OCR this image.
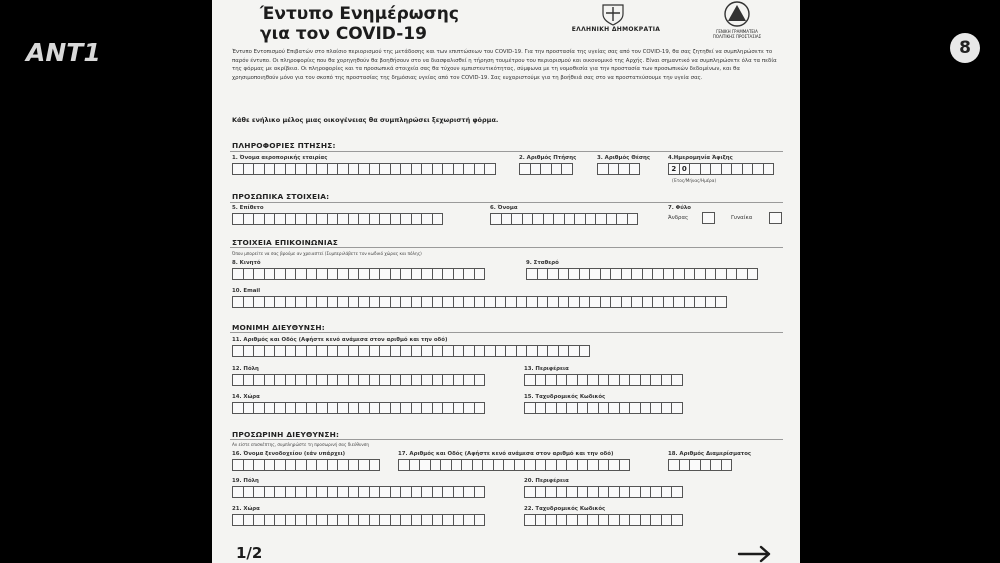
ANT1	8
Έντυπο Ενημέρωσης
για τον COVID-19	ΕΛΛΗΝΙΚΗ ΔΗΜΟΚΡΑΤΙΑ	ΓΕΝΙΚΗ ΓΡΑΜΜΑΤΕΙΑ ΠΟΛΙΤΙΚΗΣ ΠΡΟΣΤΑΣΙΑΣ
Έντυπο Εντοπισμού Επιβατών στο πλαίσιο περιορισμού της μετάδοσης και των επιπτώσεων του COVID-19. Για την προστασία της υγείας σας από τον COVID-19, θα σας ζητηθεί να συμπληρώσετε το παρόν έντυπο. Οι πληροφορίες που θα χορηγηθούν θα βοηθήσουν στο να διασφαλισθεί η τήρηση τουμέτρου του περιορισμού και οικονομικό της Αρχής. Είναι σημαντικό να συμπληρώσετε όλα τα πεδία της φόρμας με ακρίβεια. Οι πληροφορίες και τα προσωπικά στοιχεία σας θα τύχουν εμπιστευτικότητας, σύμφωνα με τη νομοθεσία για την προστασία των προσωπικών δεδομένων, και θα χρησιμοποιηθούν μόνο για τον σκοπό της προστασίας της δημόσιας υγείας από τον COVID-19. Σας ευχαριστούμε για τη βοήθειά σας στο να προστατεύσουμε την υγεία σας.
Κάθε ενήλικο μέλος μιας οικογένειας θα συμπληρώσει ξεχωριστή φόρμα.
ΠΛΗΡΟΦΟΡΙΕΣ ΠΤΗΣΗΣ:
1. Όνομα αεροπορικής εταιρίας	2. Αριθμός Πτήσης	3. Αριθμός Θέσης	4.Ημερομηνία Άφιξης
2 0
(Έτος/Μήνας/Ημέρα)
ΠΡΟΣΩΠΙΚΑ ΣΤΟΙΧΕΙΑ:
5. Επίθετο	6. Όνομα	7. Φύλο
Άνδρας	Γυναίκα
ΣΤΟΙΧΕΙΑ ΕΠΙΚΟΙΝΩΝΙΑΣ
Όπου μπορείτε να σας βρούμε αν χρειαστεί (Συμπεριλάβετε τον κωδικό χώρας και πόλης)
8. Κινητό	9. Σταθερό
10. Email
ΜΟΝΙΜΗ ΔΙΕΥΘΥΝΣΗ:
11. Αριθμός και Οδός (Αφήστε κενό ανάμεσα στον αριθμό και την οδό)
12. Πόλη	13. Περιφέρεια
14. Χώρα	15. Ταχυδρομικός Κωδικός
ΠΡΟΣΩΡΙΝΗ ΔΙΕΥΘΥΝΣΗ:
Αν είστε επισκέπτης, συμπληρώστε τη προσωρινή σας διεύθυνση
16. Όνομα ξενοδοχείου (εάν υπάρχει)	17. Αριθμός και Οδός (Αφήστε κενό ανάμεσα στον αριθμό και την οδό)	18. Αριθμός Διαμερίσματος
19. Πόλη	20. Περιφέρεια
21. Χώρα	22. Ταχυδρομικός Κωδικός
1/2
